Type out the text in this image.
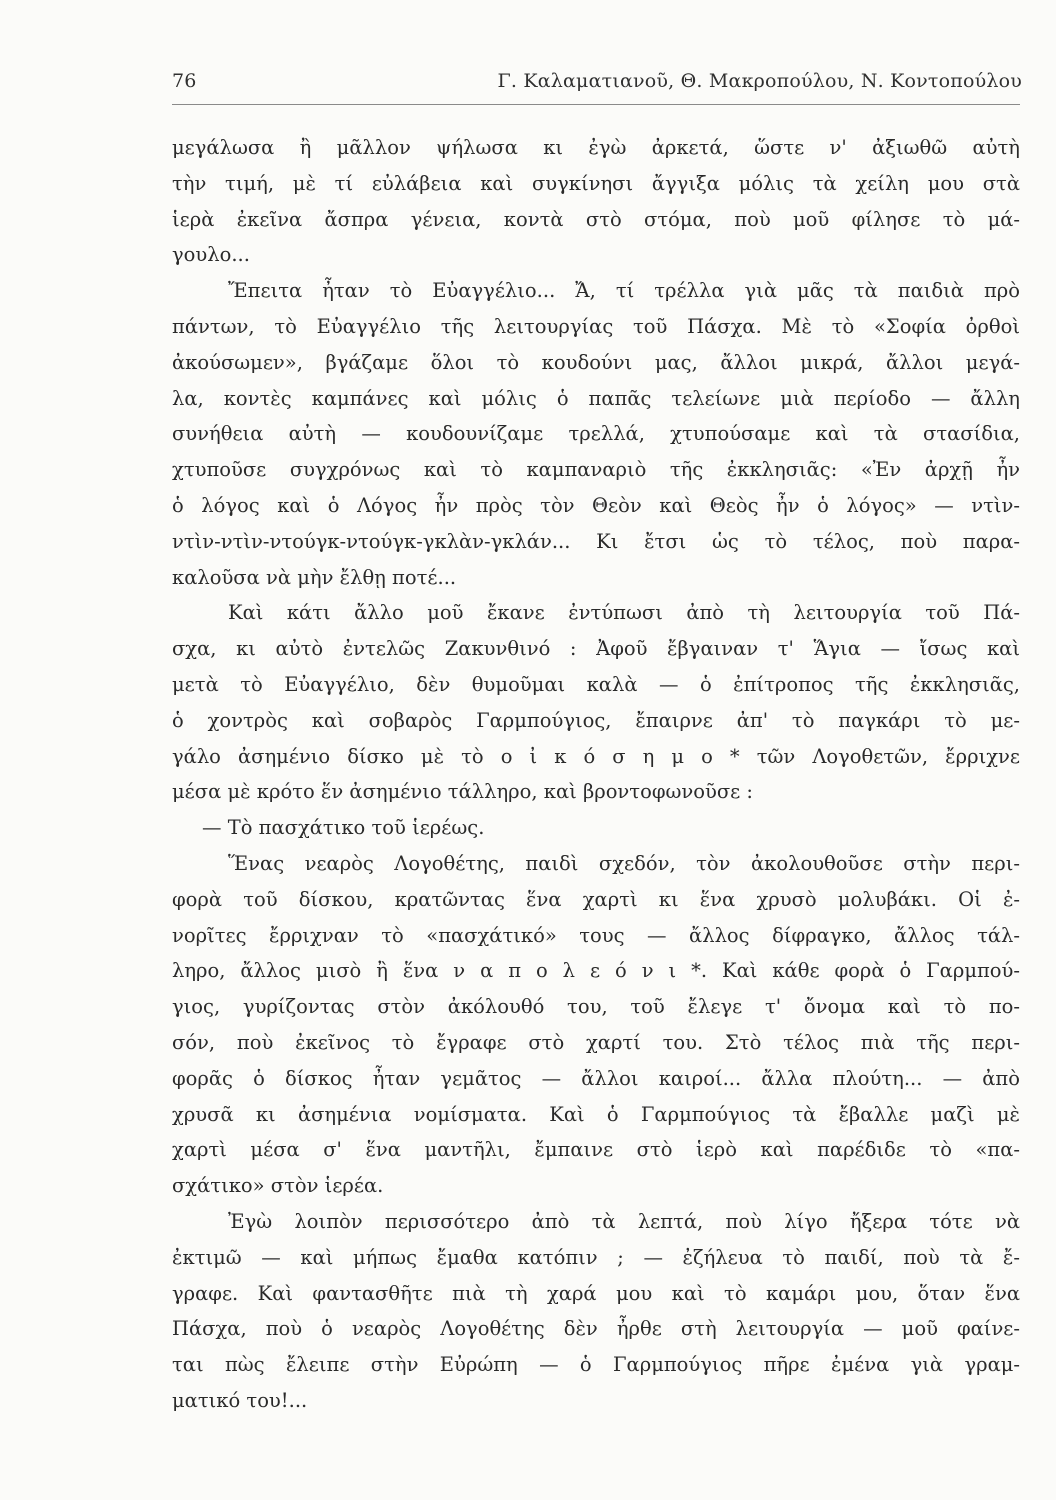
76	Γ. Καλαματιανοῦ, Θ. Μακροπούλου, Ν. Κοντοπούλου
μεγάλωσα ἢ μᾶλλον ψήλωσα κι ἐγὼ ἀρκετά, ὥστε ν' ἀξιωθῶ αὐτὴ
τὴν τιμή, μὲ τί εὐλάβεια καὶ συγκίνησι ἄγγιξα μόλις τὰ χείλη μου στὰ
ἱερὰ ἐκεῖνα ἄσπρα γένεια, κοντὰ στὸ στόμα, ποὺ μοῦ φίλησε τὸ μά-
γουλο...
Ἔπειτα ἦταν τὸ Εὐαγγέλιο... Ἄ, τί τρέλλα γιὰ μᾶς τὰ παιδιὰ πρὸ
πάντων, τὸ Εὐαγγέλιο τῆς λειτουργίας τοῦ Πάσχα. Μὲ τὸ «Σοφία ὀρθοὶ
ἀκούσωμεν», βγάζαμε ὅλοι τὸ κουδούνι μας, ἄλλοι μικρά, ἄλλοι μεγά-
λα, κοντὲς καμπάνες καὶ μόλις ὁ παπᾶς τελείωνε μιὰ περίοδο — ἄλλη
συνήθεια αὐτὴ — κουδουνίζαμε τρελλά, χτυπούσαμε καὶ τὰ στασίδια,
χτυποῦσε συγχρόνως καὶ τὸ καμπαναριὸ τῆς ἐκκλησιᾶς: «Ἐν ἀρχῇ ἦν
ὁ λόγος καὶ ὁ Λόγος ἦν πρὸς τὸν Θεὸν καὶ Θεὸς ἦν ὁ λόγος» — ντὶν-
ντὶν-ντὶν-ντούγκ-ντούγκ-γκλὰν-γκλάν... Κι ἔτσι ὡς τὸ τέλος, ποὺ παρα-
καλοῦσα νὰ μὴν ἔλθῃ ποτέ...
Καὶ κάτι ἄλλο μοῦ ἔκανε ἐντύπωσι ἀπὸ τὴ λειτουργία τοῦ Πά-
σχα, κι αὐτὸ ἐντελῶς Ζακυνθινό : Ἀφοῦ ἔβγαιναν τ' Ἅγια — ἴσως καὶ
μετὰ τὸ Εὐαγγέλιο, δὲν θυμοῦμαι καλὰ — ὁ ἐπίτροπος τῆς ἐκκλησιᾶς,
ὁ χοντρὸς καὶ σοβαρὸς Γαρμπούγιος, ἔπαιρνε ἀπ' τὸ παγκάρι τὸ με-
γάλο ἀσημένιο δίσκο μὲ τὸ ο ἰ κ ό σ η μ ο * τῶν Λογοθετῶν, ἔρριχνε
μέσα μὲ κρότο ἕν ἀσημένιο τάλληρο, καὶ βροντοφωνοῦσε :
— Τὸ πασχάτικο τοῦ ἱερέως.
Ἕνας νεαρὸς Λογοθέτης, παιδὶ σχεδόν, τὸν ἀκολουθοῦσε στὴν περι-
φορὰ τοῦ δίσκου, κρατῶντας ἕνα χαρτὶ κι ἕνα χρυσὸ μολυβάκι. Οἱ ἐ-
νορῖτες ἔρριχναν τὸ «πασχάτικό» τους — ἄλλος δίφραγκο, ἄλλος τάλ-
ληρο, ἄλλος μισὸ ἢ ἕνα ν α π ο λ ε ό ν ι *. Καὶ κάθε φορὰ ὁ Γαρμπού-
γιος, γυρίζοντας στὸν ἀκόλουθό του, τοῦ ἔλεγε τ' ὄνομα καὶ τὸ πο-
σόν, ποὺ ἐκεῖνος τὸ ἔγραφε στὸ χαρτί του. Στὸ τέλος πιὰ τῆς περι-
φορᾶς ὁ δίσκος ἦταν γεμᾶτος — ἄλλοι καιροί... ἄλλα πλούτη... — ἀπὸ
χρυσᾶ κι ἀσημένια νομίσματα. Καὶ ὁ Γαρμπούγιος τὰ ἔβαλλε μαζὶ μὲ
χαρτὶ μέσα σ' ἕνα μαντῆλι, ἔμπαινε στὸ ἱερὸ καὶ παρέδιδε τὸ «πα-
σχάτικο» στὸν ἱερέα.
Ἐγὼ λοιπὸν περισσότερο ἀπὸ τὰ λεπτά, ποὺ λίγο ἤξερα τότε νὰ
ἐκτιμῶ — καὶ μήπως ἔμαθα κατόπιν ; — ἐζήλευα τὸ παιδί, ποὺ τὰ ἔ-
γραφε. Καὶ φαντασθῆτε πιὰ τὴ χαρά μου καὶ τὸ καμάρι μου, ὅταν ἕνα
Πάσχα, ποὺ ὁ νεαρὸς Λογοθέτης δὲν ἦρθε στὴ λειτουργία — μοῦ φαίνε-
ται πὼς ἔλειπε στὴν Εὐρώπη — ὁ Γαρμπούγιος πῆρε ἐμένα γιὰ γραμ-
ματικό του!...
